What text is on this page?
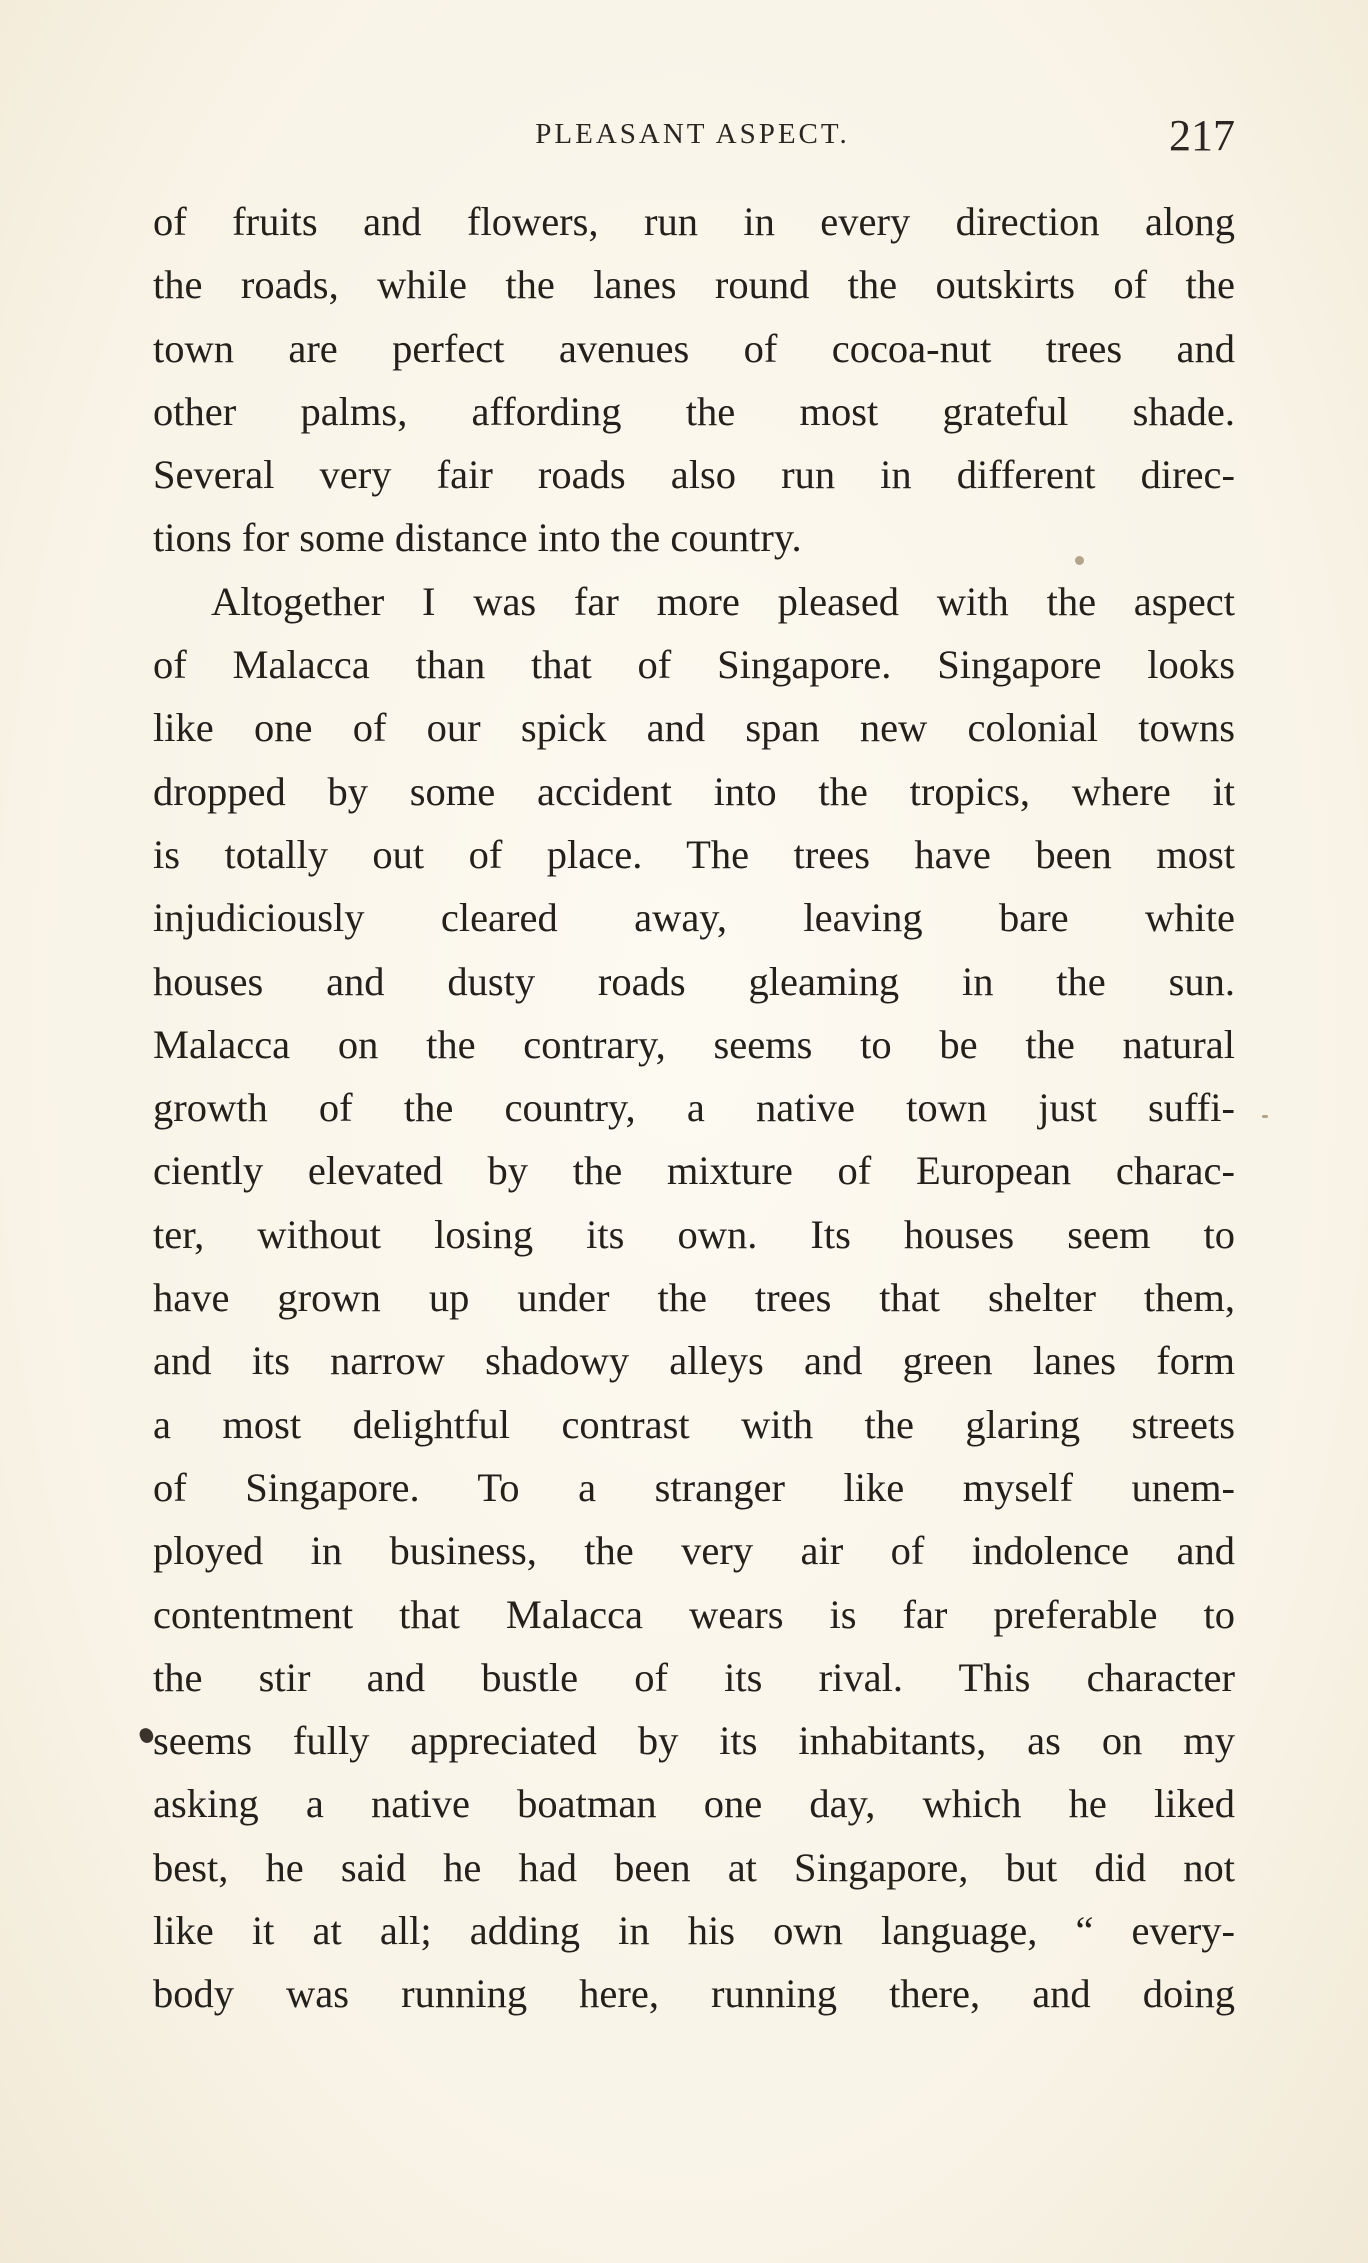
PLEASANT ASPECT.	217
of fruits and flowers, run in every direction along
the roads, while the lanes round the outskirts of the
town are perfect avenues of cocoa-nut trees and
other palms, affording the most grateful shade.
Several very fair roads also run in different direc-
tions for some distance into the country.
Altogether I was far more pleased with the aspect
of Malacca than that of Singapore. Singapore looks
like one of our spick and span new colonial towns
dropped by some accident into the tropics, where it
is totally out of place. The trees have been most
injudiciously cleared away, leaving bare white
houses and dusty roads gleaming in the sun.
Malacca on the contrary, seems to be the natural
growth of the country, a native town just suffi-
ciently elevated by the mixture of European charac-
ter, without losing its own. Its houses seem to
have grown up under the trees that shelter them,
and its narrow shadowy alleys and green lanes form
a most delightful contrast with the glaring streets
of Singapore. To a stranger like myself unem-
ployed in business, the very air of indolence and
contentment that Malacca wears is far preferable to
the stir and bustle of its rival. This character
seems fully appreciated by its inhabitants, as on my
asking a native boatman one day, which he liked
best, he said he had been at Singapore, but did not
like it at all; adding in his own language, “ every-
body was running here, running there, and doing
